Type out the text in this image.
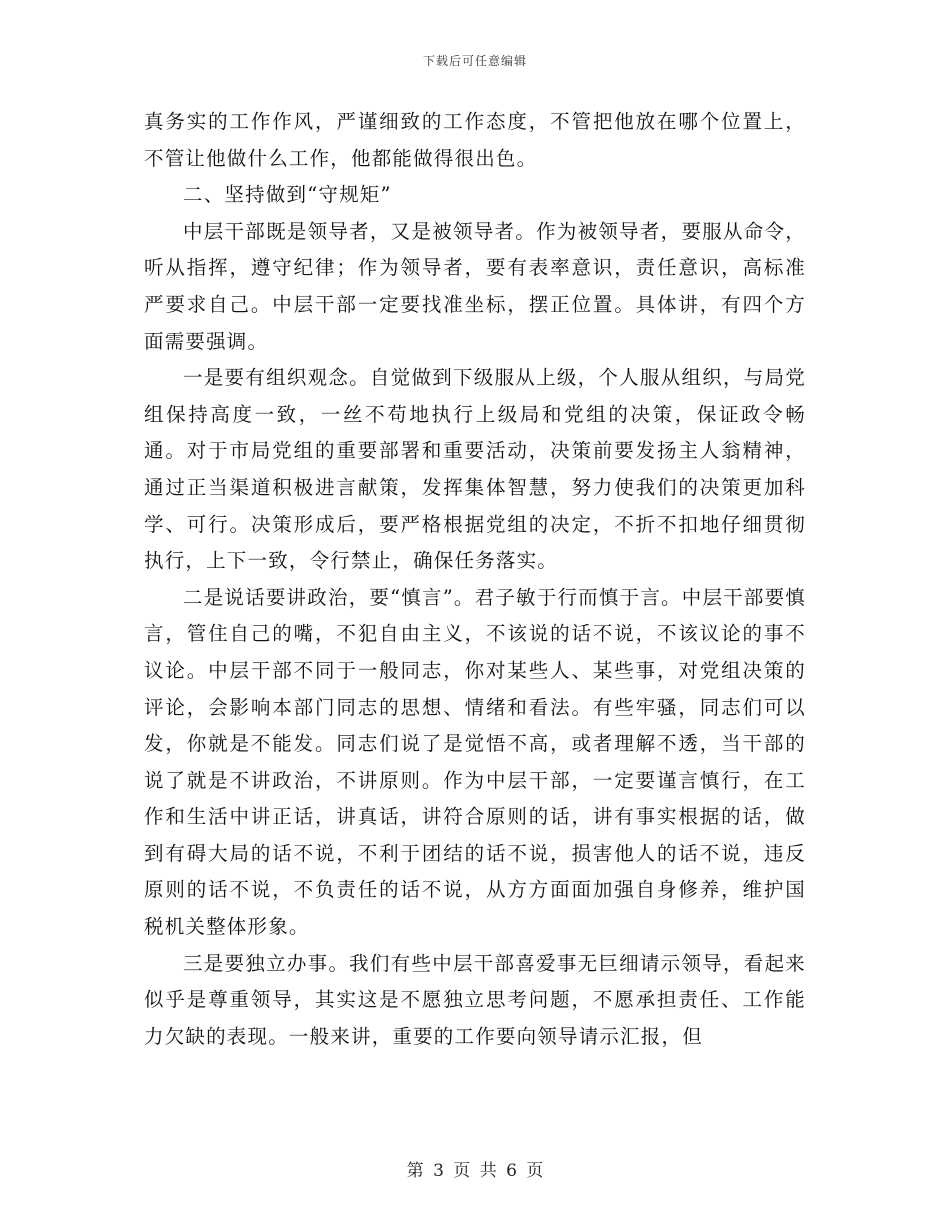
下载后可任意编辑

真务实的工作作风，严谨细致的工作态度，不管把他放在哪个位置上，不管让他做什么工作，他都能做得很出色。

二、坚持做到“守规矩”

中层干部既是领导者，又是被领导者。作为被领导者，要服从命令，听从指挥，遵守纪律；作为领导者，要有表率意识，责任意识，高标准严要求自己。中层干部一定要找准坐标，摆正位置。具体讲，有四个方面需要强调。

一是要有组织观念。自觉做到下级服从上级，个人服从组织，与局党组保持高度一致，一丝不苟地执行上级局和党组的决策，保证政令畅通。对于市局党组的重要部署和重要活动，决策前要发扬主人翁精神，通过正当渠道积极进言献策，发挥集体智慧，努力使我们的决策更加科学、可行。决策形成后，要严格根据党组的决定，不折不扣地仔细贯彻执行，上下一致，令行禁止，确保任务落实。

二是说话要讲政治，要“慎言”。君子敏于行而慎于言。中层干部要慎言，管住自己的嘴，不犯自由主义，不该说的话不说，不该议论的事不议论。中层干部不同于一般同志，你对某些人、某些事，对党组决策的评论，会影响本部门同志的思想、情绪和看法。有些牢骚，同志们可以发，你就是不能发。同志们说了是觉悟不高，或者理解不透，当干部的说了就是不讲政治，不讲原则。作为中层干部，一定要谨言慎行，在工作和生活中讲正话，讲真话，讲符合原则的话，讲有事实根据的话，做到有碍大局的话不说，不利于团结的话不说，损害他人的话不说，违反原则的话不说，不负责任的话不说，从方方面面加强自身修养，维护国税机关整体形象。

三是要独立办事。我们有些中层干部喜爱事无巨细请示领导，看起来似乎是尊重领导，其实这是不愿独立思考问题，不愿承担责任、工作能力欠缺的表现。一般来讲，重要的工作要向领导请示汇报，但

第 3 页 共 6 页
